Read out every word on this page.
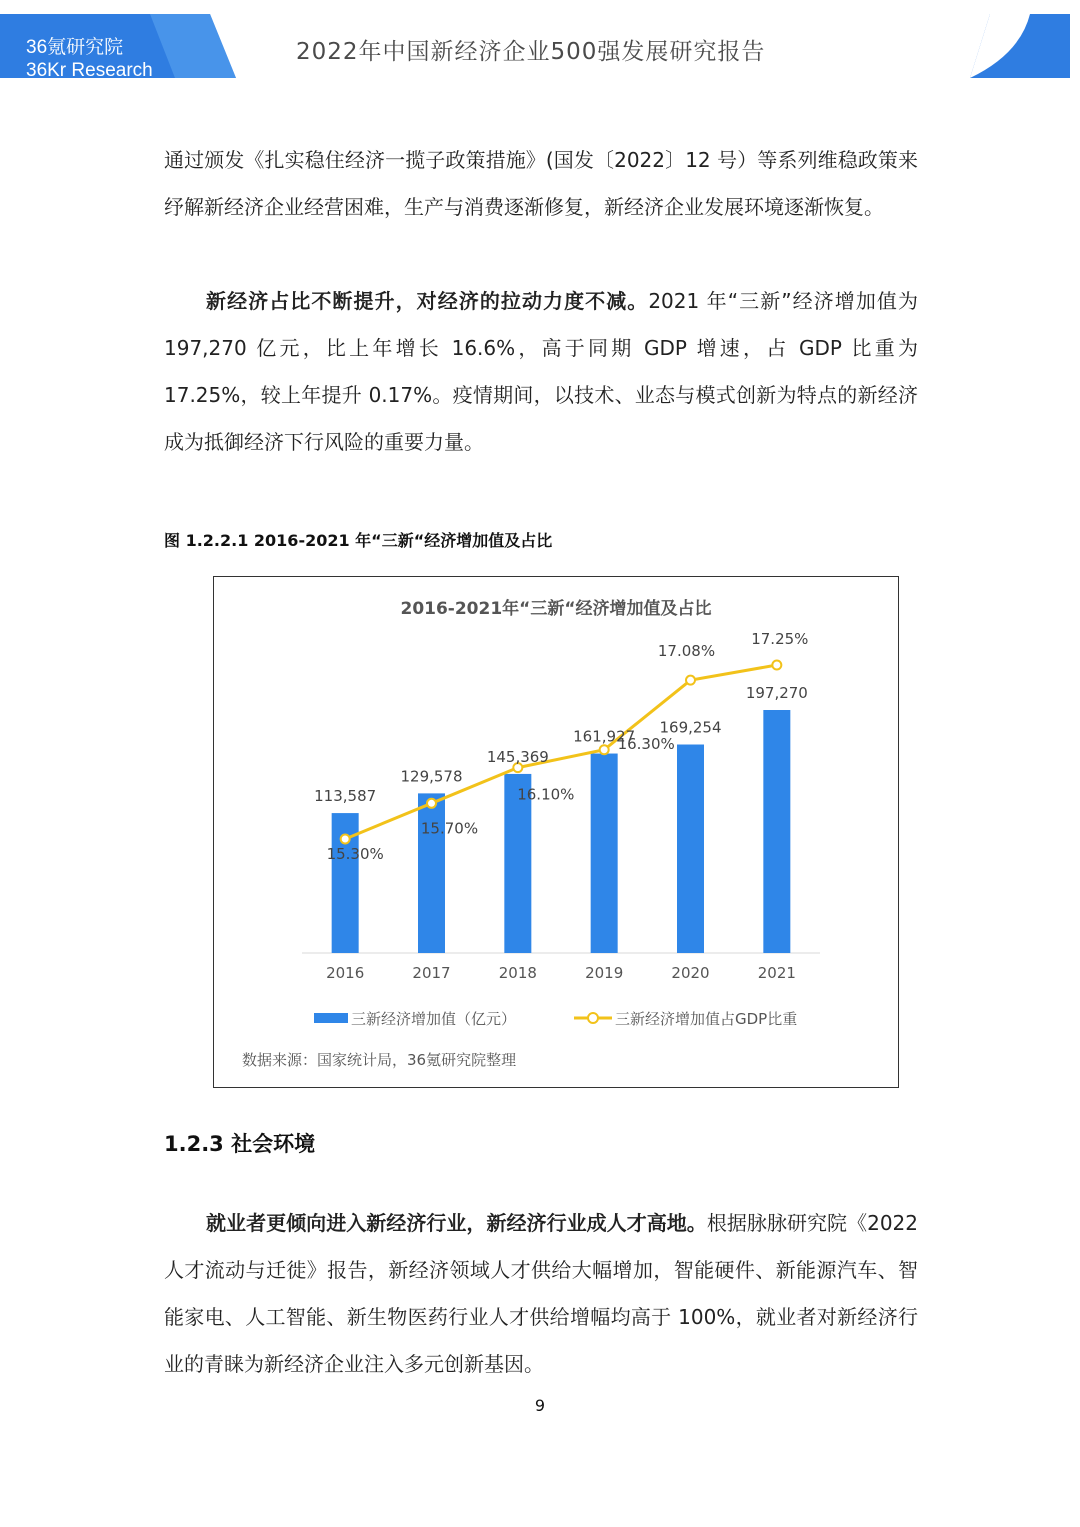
36氪研究院
36Kr Research
2022年中国新经济企业500强发展研究报告
通过颁发《扎实稳住经济一揽子政策措施》(国发〔2022〕12 号）等系列维稳政策来纾解新经济企业经营困难，生产与消费逐渐修复，新经济企业发展环境逐渐恢复。
新经济占比不断提升，对经济的拉动力度不减。2021 年“三新”经济增加值为 197,270 亿元，比上年增长 16.6%，高于同期 GDP 增速，占 GDP 比重为 17.25%，较上年提升 0.17%。疫情期间，以技术、业态与模式创新为特点的新经济成为抵御经济下行风险的重要力量。
图 1.2.2.1 2016-2021 年“三新“经济增加值及占比
2016-2021年“三新“经济增加值及占比
113,587
129,578
145,369
161,927
169,254
197,270
15.30%
15.70%
16.10%
16.30%
17.08%
17.25%
2016	2017	2018	2019	2020	2021
三新经济增加值（亿元）	三新经济增加值占GDP比重
数据来源：国家统计局，36氪研究院整理
1.2.3 社会环境
就业者更倾向进入新经济行业，新经济行业成人才高地。根据脉脉研究院《2022 人才流动与迁徙》报告，新经济领域人才供给大幅增加，智能硬件、新能源汽车、智能家电、人工智能、新生物医药行业人才供给增幅均高于 100%，就业者对新经济行业的青睐为新经济企业注入多元创新基因。
9
